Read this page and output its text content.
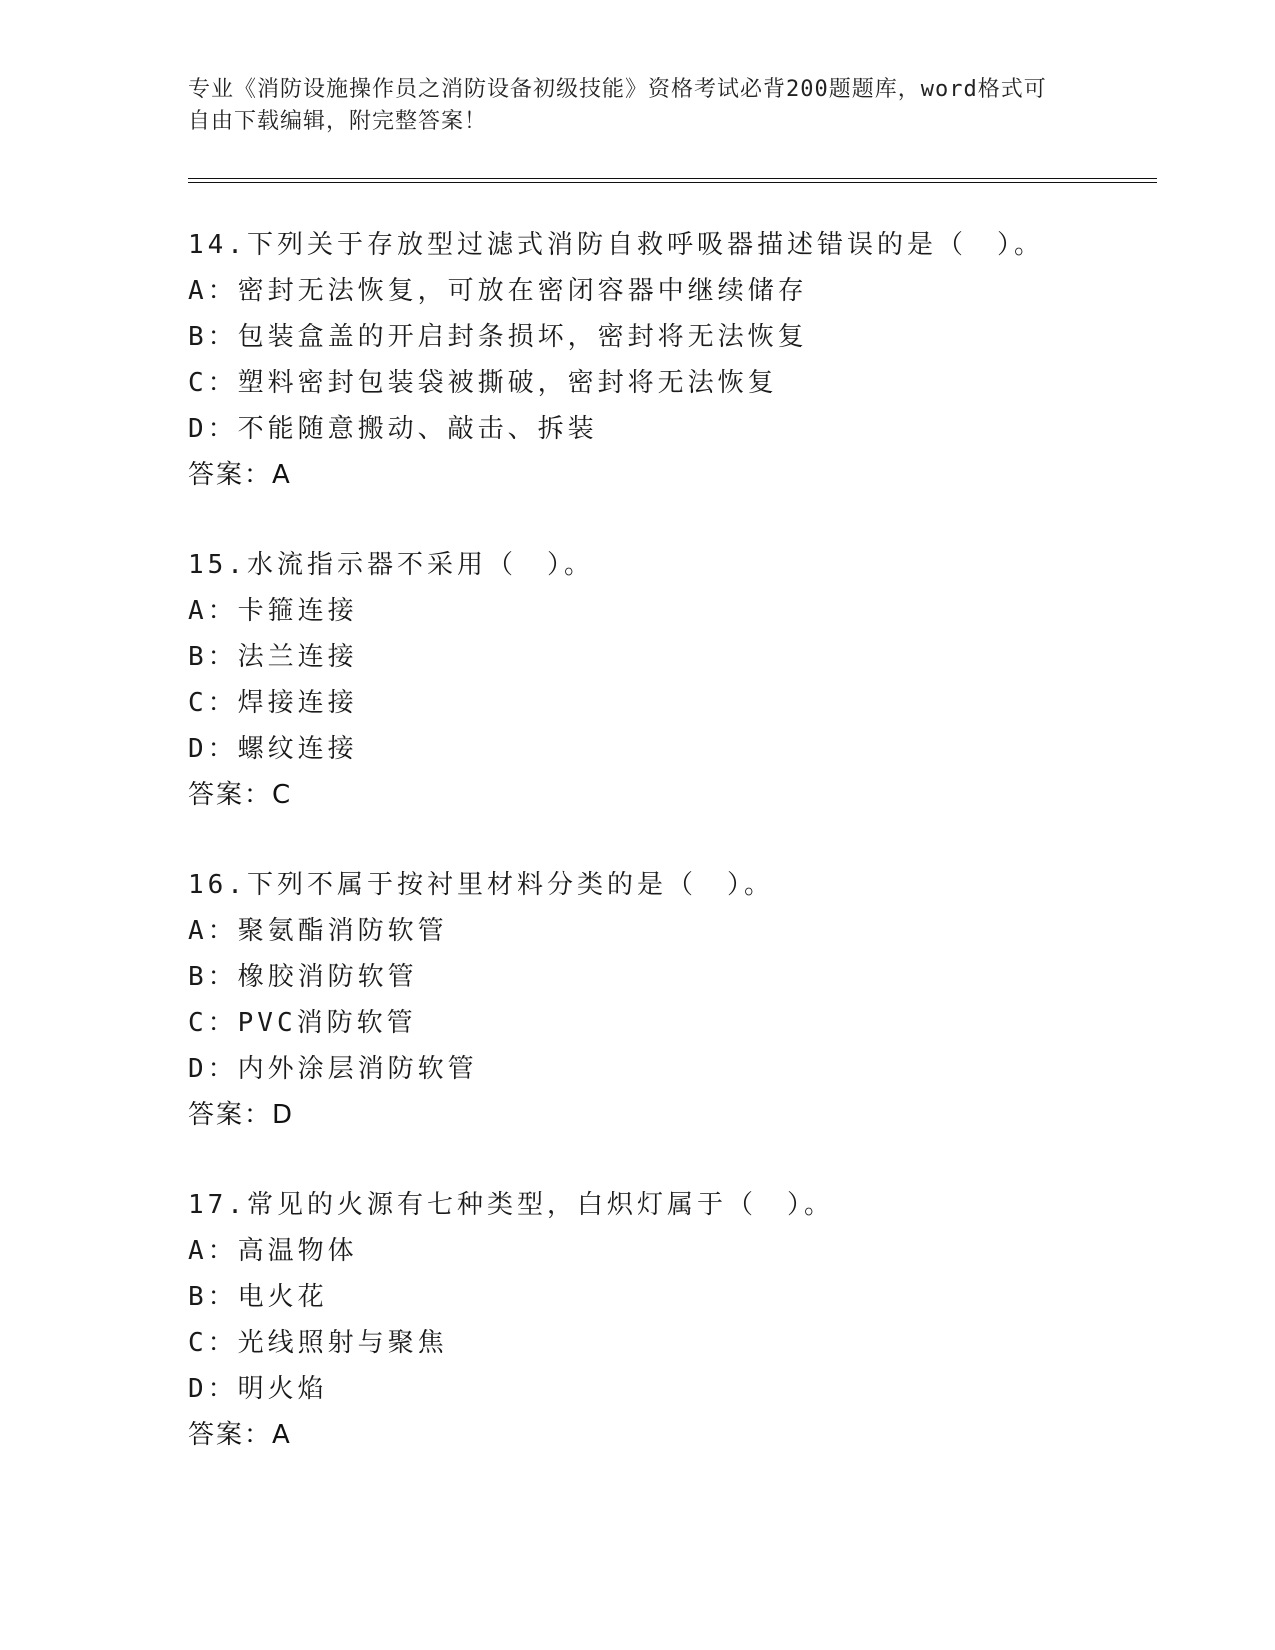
专业《消防设施操作员之消防设备初级技能》资格考试必背200题题库，word格式可自由下载编辑，附完整答案！
14.下列关于存放型过滤式消防自救呼吸器描述错误的是（　）。
A：密封无法恢复，可放在密闭容器中继续储存
B：包装盒盖的开启封条损坏，密封将无法恢复
C：塑料密封包装袋被撕破，密封将无法恢复
D：不能随意搬动、敲击、拆装
答案：A
15.水流指示器不采用（　）。
A：卡箍连接
B：法兰连接
C：焊接连接
D：螺纹连接
答案：C
16.下列不属于按衬里材料分类的是（　）。
A：聚氨酯消防软管
B：橡胶消防软管
C：PVC消防软管
D：内外涂层消防软管
答案：D
17.常见的火源有七种类型，白炽灯属于（　）。
A：高温物体
B：电火花
C：光线照射与聚焦
D：明火焰
答案：A
